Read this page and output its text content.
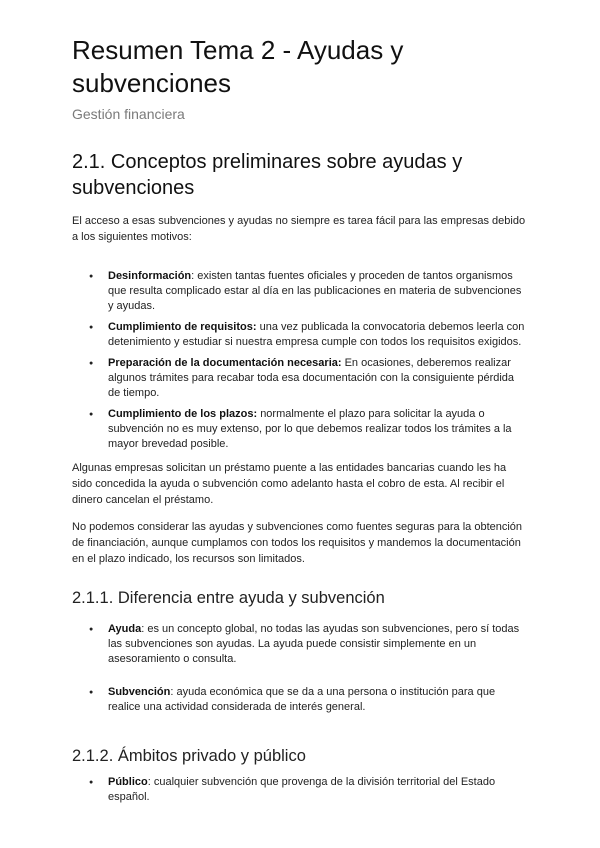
Resumen Tema 2 - Ayudas y subvenciones
Gestión financiera
2.1. Conceptos preliminares sobre ayudas y subvenciones

El acceso a esas subvenciones y ayudas no siempre es tarea fácil para las empresas debido a los siguientes motivos:

● Desinformación: existen tantas fuentes oficiales y proceden de tantos organismos que resulta complicado estar al día en las publicaciones en materia de subvenciones y ayudas.
● Cumplimiento de requisitos: una vez publicada la convocatoria debemos leerla con detenimiento y estudiar si nuestra empresa cumple con todos los requisitos exigidos.
● Preparación de la documentación necesaria: En ocasiones, deberemos realizar algunos trámites para recabar toda esa documentación con la consiguiente pérdida de tiempo.
● Cumplimiento de los plazos: normalmente el plazo para solicitar la ayuda o subvención no es muy extenso, por lo que debemos realizar todos los trámites a la mayor brevedad posible.

Algunas empresas solicitan un préstamo puente a las entidades bancarias cuando les ha sido concedida la ayuda o subvención como adelanto hasta el cobro de esta. Al recibir el dinero cancelan el préstamo.

No podemos considerar las ayudas y subvenciones como fuentes seguras para la obtención de financiación, aunque cumplamos con todos los requisitos y mandemos la documentación en el plazo indicado, los recursos son limitados.

2.1.1. Diferencia entre ayuda y subvención
● Ayuda: es un concepto global, no todas las ayudas son subvenciones, pero sí todas las subvenciones son ayudas. La ayuda puede consistir simplemente en un asesoramiento o consulta.
● Subvención: ayuda económica que se da a una persona o institución para que realice una actividad considerada de interés general.
2.1.2. Ámbitos privado y público
● Público: cualquier subvención que provenga de la división territorial del Estado español.
